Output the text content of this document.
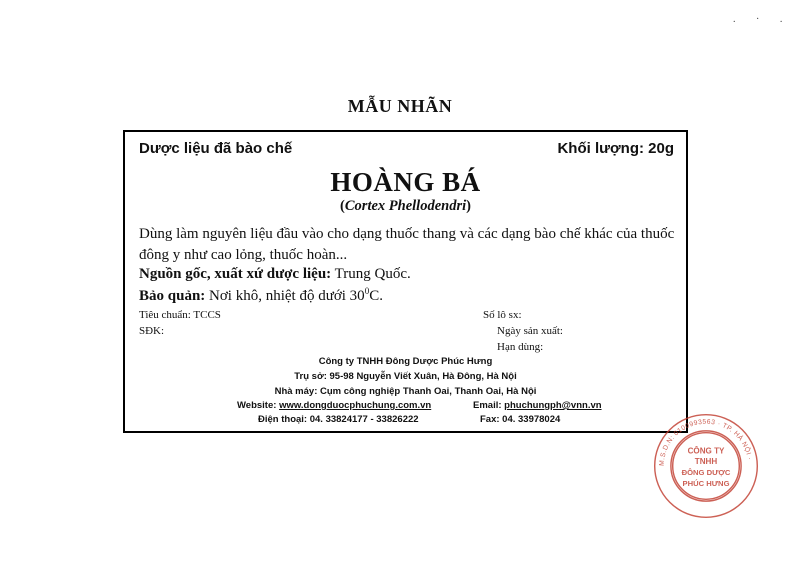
. · .
MẪU NHÃN
Dược liệu đã bào chế	Khối lượng: 20g
HOÀNG BÁ
(Cortex Phellodendri)
Dùng làm nguyên liệu đầu vào cho dạng thuốc thang và các dạng bào chế khác của thuốc đông y như cao lỏng, thuốc hoàn...
Nguồn gốc, xuất xứ dược liệu: Trung Quốc.
Bảo quản: Nơi khô, nhiệt độ dưới $30^0C$.
Tiêu chuẩn: TCCS
SĐK:
Số lô sx:
Ngày sản xuất:
Hạn dùng:
Công ty TNHH Đông Dược Phúc Hưng
Trụ sở: 95-98 Nguyễn Viết Xuân, Hà Đông, Hà Nội
Nhà máy: Cụm công nghiệp Thanh Oai, Thanh Oai, Hà Nội
Website: www.dongduocphuchung.com.vn	Email: phuchungph@vnn.vn
Điện thoại: 04. 33824177 - 33826222	Fax: 04. 33978024
M.S.D.N: 0100993563 · TP. HÀ NỘI ·
CÔNG TY
TNHH
ĐÔNG DƯỢC
PHÚC HƯNG
